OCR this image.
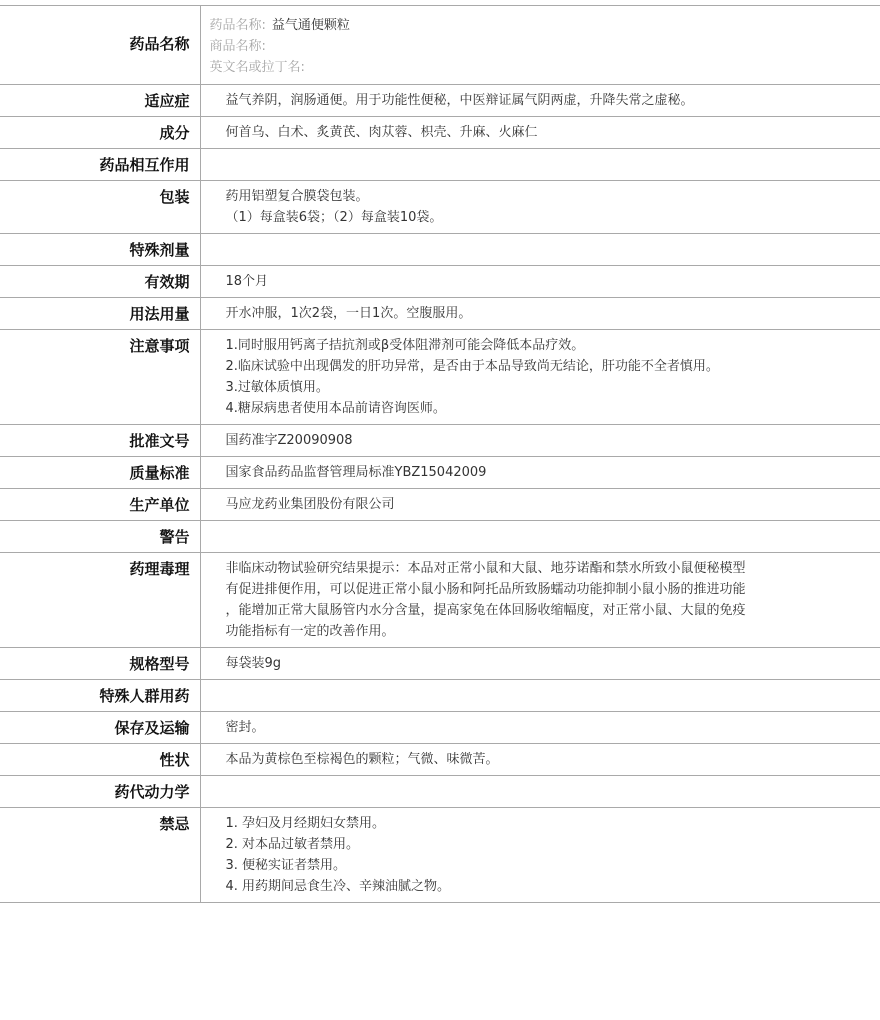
药品名称	药品名称: 益气通便颗粒
商品名称:
英文名或拉丁名:

适应症	益气养阴，润肠通便。用于功能性便秘，中医辩证属气阴两虚，升降失常之虚秘。

成分	何首乌、白术、炙黄芪、肉苁蓉、枳壳、升麻、火麻仁

药品相互作用	
包装	药用铝塑复合膜袋包装。
（1）每盒装6袋；（2）每盒装10袋。

特殊剂量	
有效期	18个月

用法用量	开水冲服，1次2袋，一日1次。空腹服用。

注意事项	1.同时服用钙离子拮抗剂或β受体阻滞剂可能会降低本品疗效。
2.临床试验中出现偶发的肝功异常，是否由于本品导致尚无结论，肝功能不全者慎用。
3.过敏体质慎用。
4.糖尿病患者使用本品前请咨询医师。

批准文号	国药准字Z20090908

质量标准	国家食品药品监督管理局标准YBZ15042009

生产单位	马应龙药业集团股份有限公司

警告	
药理毒理	非临床动物试验研究结果提示：本品对正常小鼠和大鼠、地芬诺酯和禁水所致小鼠便秘模型
有促进排便作用，可以促进正常小鼠小肠和阿托品所致肠蠕动功能抑制小鼠小肠的推进功能
，能增加正常大鼠肠管内水分含量，提高家兔在体回肠收缩幅度，对正常小鼠、大鼠的免疫
功能指标有一定的改善作用。

规格型号	每袋装9g

特殊人群用药	
保存及运输	密封。

性状	本品为黄棕色至棕褐色的颗粒；气微、味微苦。

药代动力学	
禁忌	1. 孕妇及月经期妇女禁用。
2. 对本品过敏者禁用。
3. 便秘实证者禁用。
4. 用药期间忌食生冷、辛辣油腻之物。
